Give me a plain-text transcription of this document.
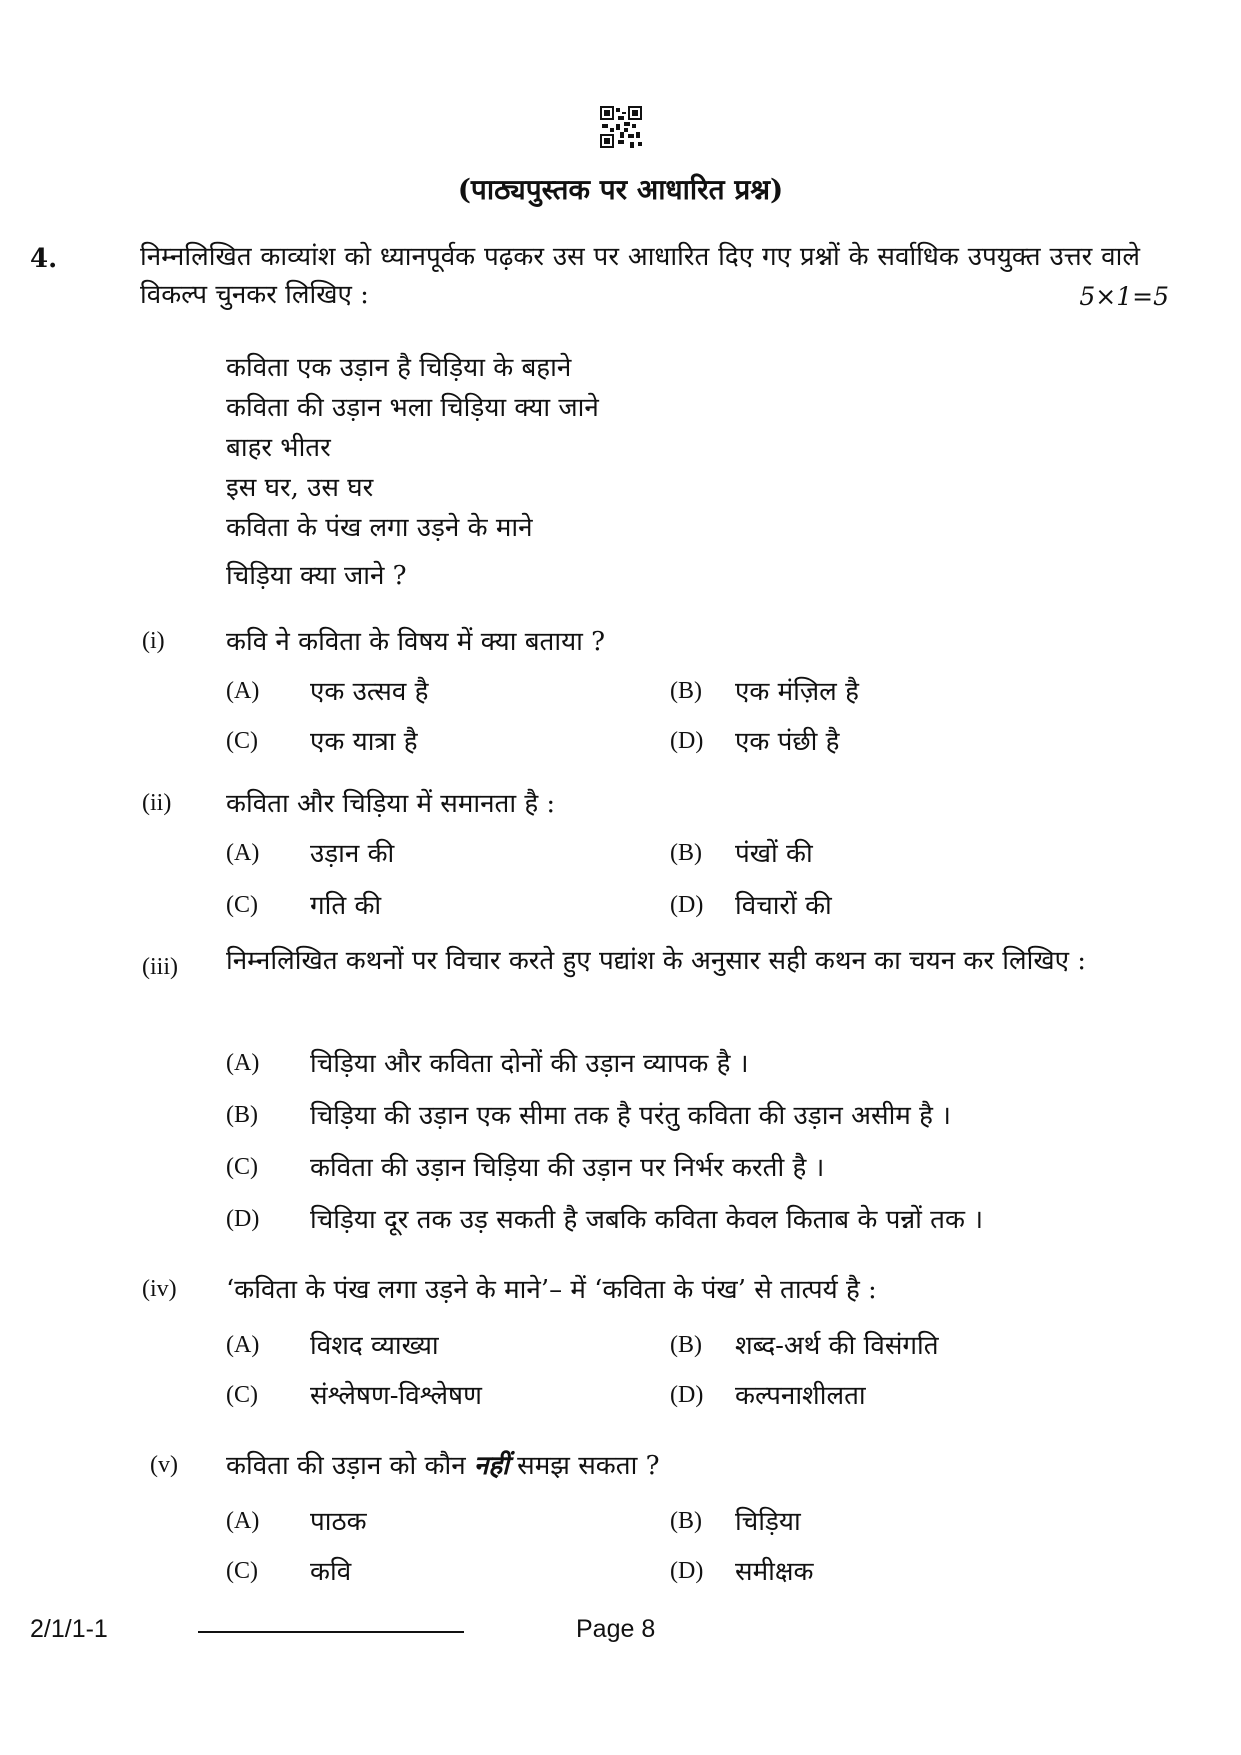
(पाठ्यपुस्तक पर आधारित प्रश्न)
4.	निम्नलिखित काव्यांश को ध्यानपूर्वक पढ़कर उस पर आधारित दिए गए प्रश्नों के सर्वाधिक उपयुक्त उत्तर वाले विकल्प चुनकर लिखिए :	5×1=5
कविता एक उड़ान है चिड़िया के बहाने
कविता की उड़ान भला चिड़िया क्या जाने
बाहर भीतर
इस घर, उस घर
कविता के पंख लगा उड़ने के माने
चिड़िया क्या जाने ?
(i) कवि ने कविता के विषय में क्या बताया ?
(A) एक उत्सव है	(B) एक मंज़िल है
(C) एक यात्रा है	(D) एक पंछी है
(ii) कविता और चिड़िया में समानता है :
(A) उड़ान की	(B) पंखों की
(C) गति की	(D) विचारों की
(iii) निम्नलिखित कथनों पर विचार करते हुए पद्यांश के अनुसार सही कथन का चयन कर लिखिए :
(A) चिड़िया और कविता दोनों की उड़ान व्यापक है ।
(B) चिड़िया की उड़ान एक सीमा तक है परंतु कविता की उड़ान असीम है ।
(C) कविता की उड़ान चिड़िया की उड़ान पर निर्भर करती है ।
(D) चिड़िया दूर तक उड़ सकती है जबकि कविता केवल किताब के पन्नों तक ।
(iv) ‘कविता के पंख लगा उड़ने के माने’– में ‘कविता के पंख’ से तात्पर्य है :
(A) विशद व्याख्या	(B) शब्द-अर्थ की विसंगति
(C) संश्लेषण-विश्लेषण	(D) कल्पनाशीलता
(v) कविता की उड़ान को कौन नहीं समझ सकता ?
(A) पाठक	(B) चिड़िया
(C) कवि	(D) समीक्षक
2/1/1-1	Page 8
